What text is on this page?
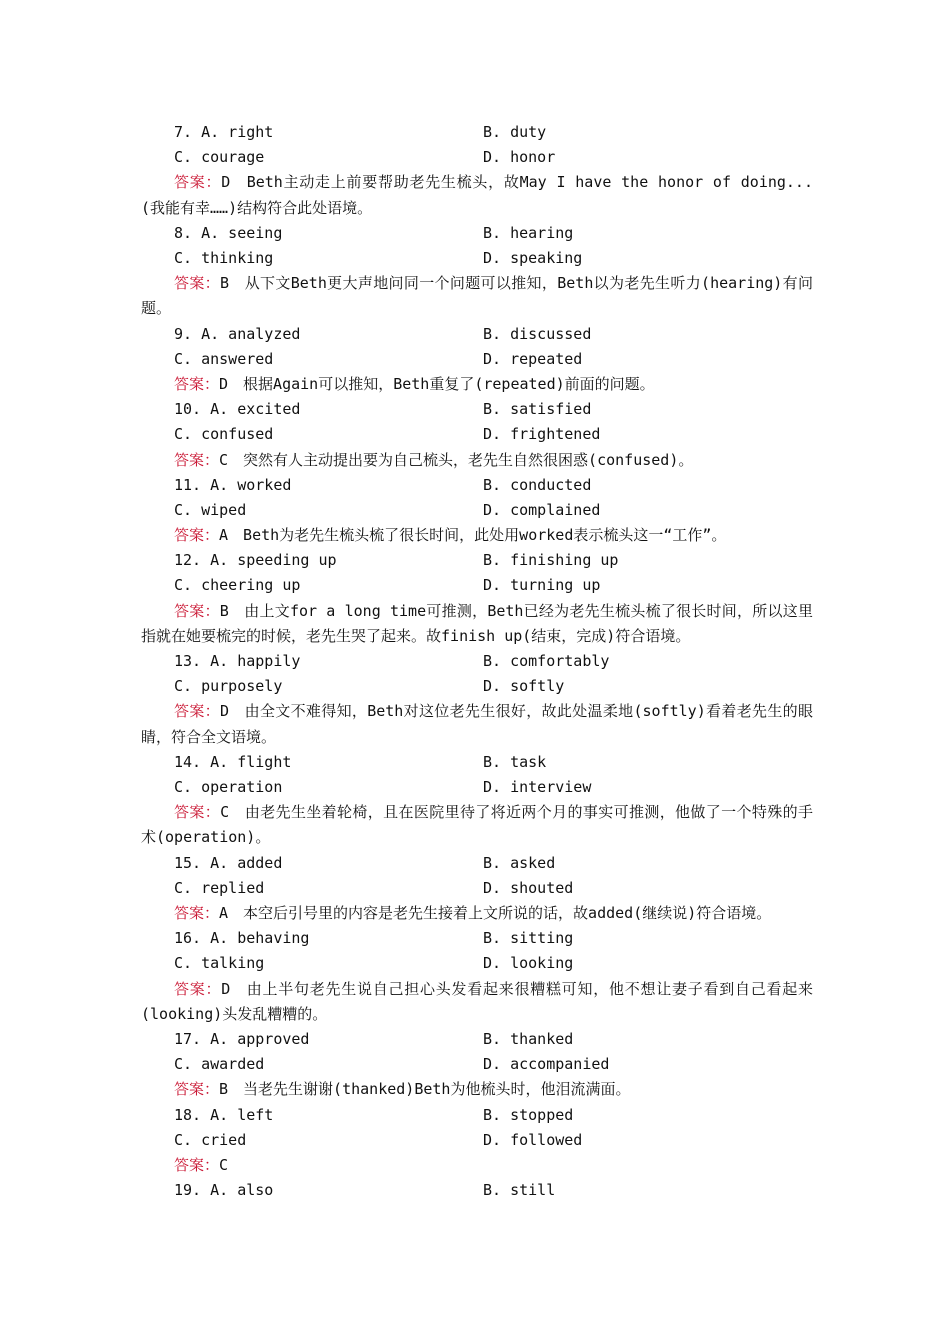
7. A. right	B. duty
C. courage	D. honor
答案：D　Beth主动走上前要帮助老先生梳头，故May I have the honor of doing...(我能有幸……)结构符合此处语境。
8. A. seeing	B. hearing
C. thinking	D. speaking
答案：B　从下文Beth更大声地问同一个问题可以推知，Beth以为老先生听力(hearing)有问题。
9. A. analyzed	B. discussed
C. answered	D. repeated
答案：D　根据Again可以推知，Beth重复了(repeated)前面的问题。
10. A. excited	B. satisfied
C. confused	D. frightened
答案：C　突然有人主动提出要为自己梳头，老先生自然很困惑(confused)。
11. A. worked	B. conducted
C. wiped	D. complained
答案：A　Beth为老先生梳头梳了很长时间，此处用worked表示梳头这一“工作”。
12. A. speeding up	B. finishing up
C. cheering up	D. turning up
答案：B　由上文for a long time可推测，Beth已经为老先生梳头梳了很长时间，所以这里指就在她要梳完的时候，老先生哭了起来。故finish up(结束，完成)符合语境。
13. A. happily	B. comfortably
C. purposely	D. softly
答案：D　由全文不难得知，Beth对这位老先生很好，故此处温柔地(softly)看着老先生的眼睛，符合全文语境。
14. A. flight	B. task
C. operation	D. interview
答案：C　由老先生坐着轮椅，且在医院里待了将近两个月的事实可推测，他做了一个特殊的手术(operation)。
15. A. added	B. asked
C. replied	D. shouted
答案：A　本空后引号里的内容是老先生接着上文所说的话，故added(继续说)符合语境。
16. A. behaving	B. sitting
C. talking	D. looking
答案：D　由上半句老先生说自己担心头发看起来很糟糕可知，他不想让妻子看到自己看起来(looking)头发乱糟糟的。
17. A. approved	B. thanked
C. awarded	D. accompanied
答案：B　当老先生谢谢(thanked)Beth为他梳头时，他泪流满面。
18. A. left	B. stopped
C. cried	D. followed
答案：C
19. A. also	B. still
